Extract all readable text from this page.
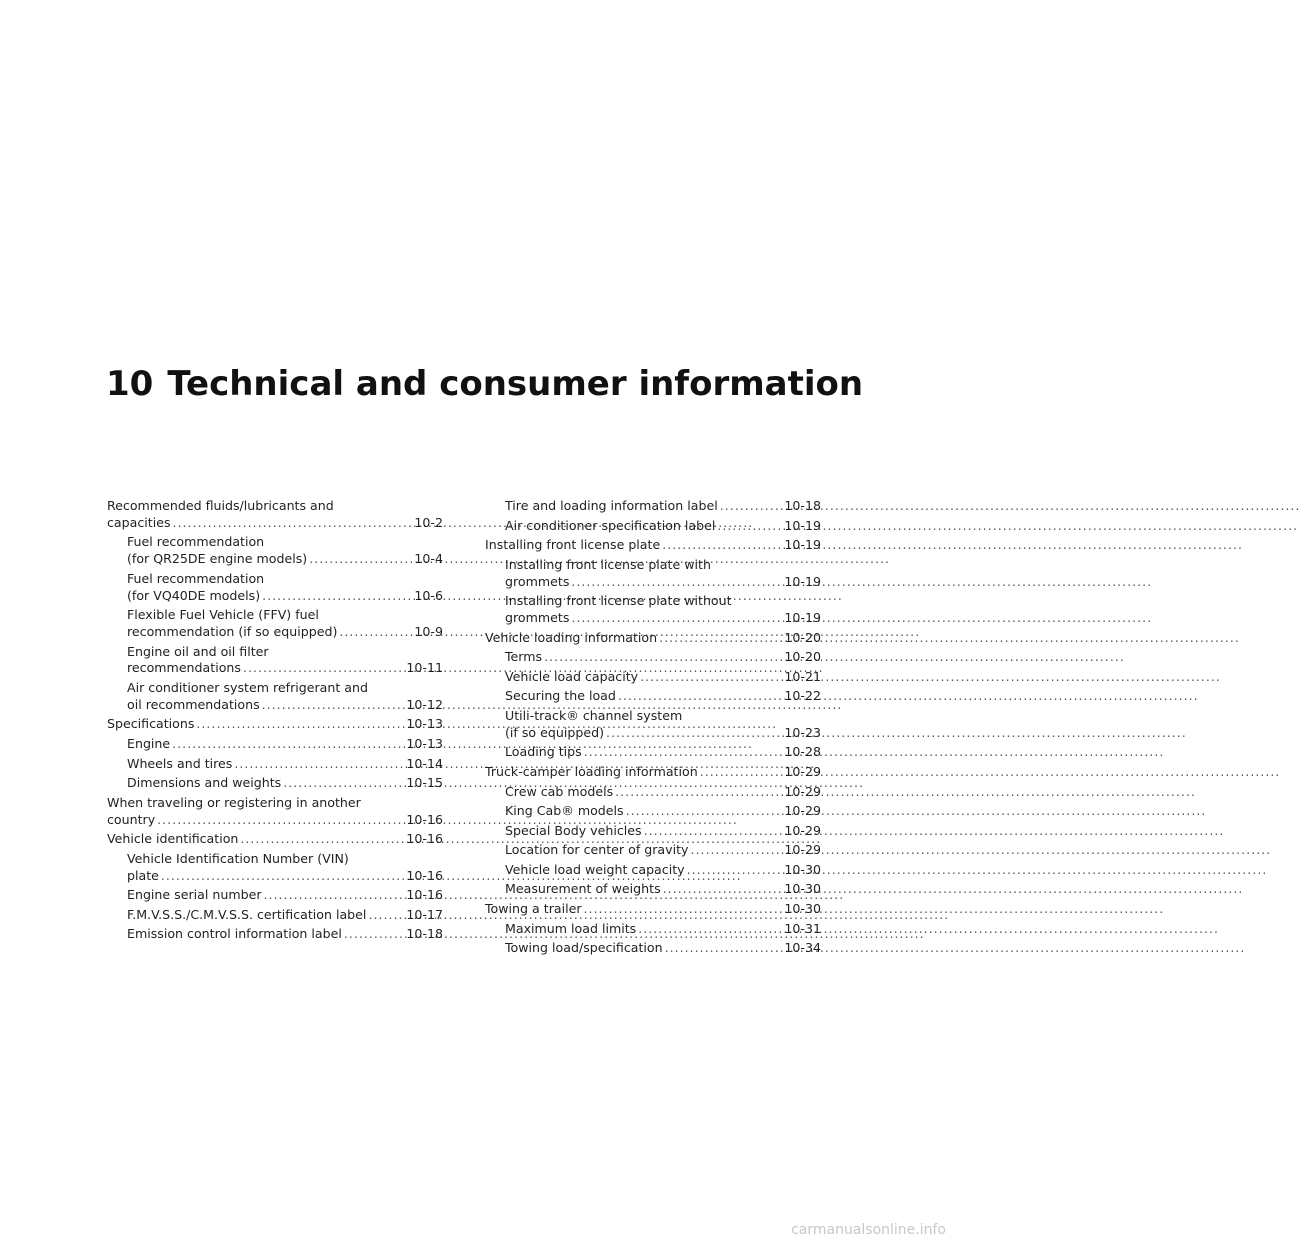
10 Technical and consumer information
Recommended fluids/lubricants and
capacities . . .	10-2
Fuel recommendation
(for QR25DE engine models) . . .	10-4
Fuel recommendation
(for VQ40DE models) . . .	10-6
Flexible Fuel Vehicle (FFV) fuel
recommendation (if so equipped) . . .	10-9
Engine oil and oil filter
recommendations . . .	10-11
Air conditioner system refrigerant and
oil recommendations . . .	10-12
Specifications . . .	10-13
Engine . . .	10-13
Wheels and tires . . .	10-14
Dimensions and weights . . .	10-15
When traveling or registering in another
country . . .	10-16
Vehicle identification . . .	10-16
Vehicle Identification Number (VIN)
plate . . .	10-16
Engine serial number . . .	10-16
F.M.V.S.S./C.M.V.S.S. certification label . . .	10-17
Emission control information label . . .	10-18
Tire and loading information label . . .	10-18
Air conditioner specification label . . .	10-19
Installing front license plate . . .	10-19
Installing front license plate with
grommets . . .	10-19
Installing front license plate without
grommets . . .	10-19
Vehicle loading information . . .	10-20
Terms . . .	10-20
Vehicle load capacity . . .	10-21
Securing the load . . .	10-22
Utili-track® channel system
(if so equipped) . . .	10-23
Loading tips . . .	10-28
Truck-camper loading information . . .	10-29
Crew cab models . . .	10-29
King Cab® models . . .	10-29
Special Body vehicles . . .	10-29
Location for center of gravity . . .	10-29
Vehicle load weight capacity . . .	10-30
Measurement of weights . . .	10-30
Towing a trailer . . .	10-30
Maximum load limits . . .	10-31
Towing load/specification . . .	10-34
carmanualsonline.info
